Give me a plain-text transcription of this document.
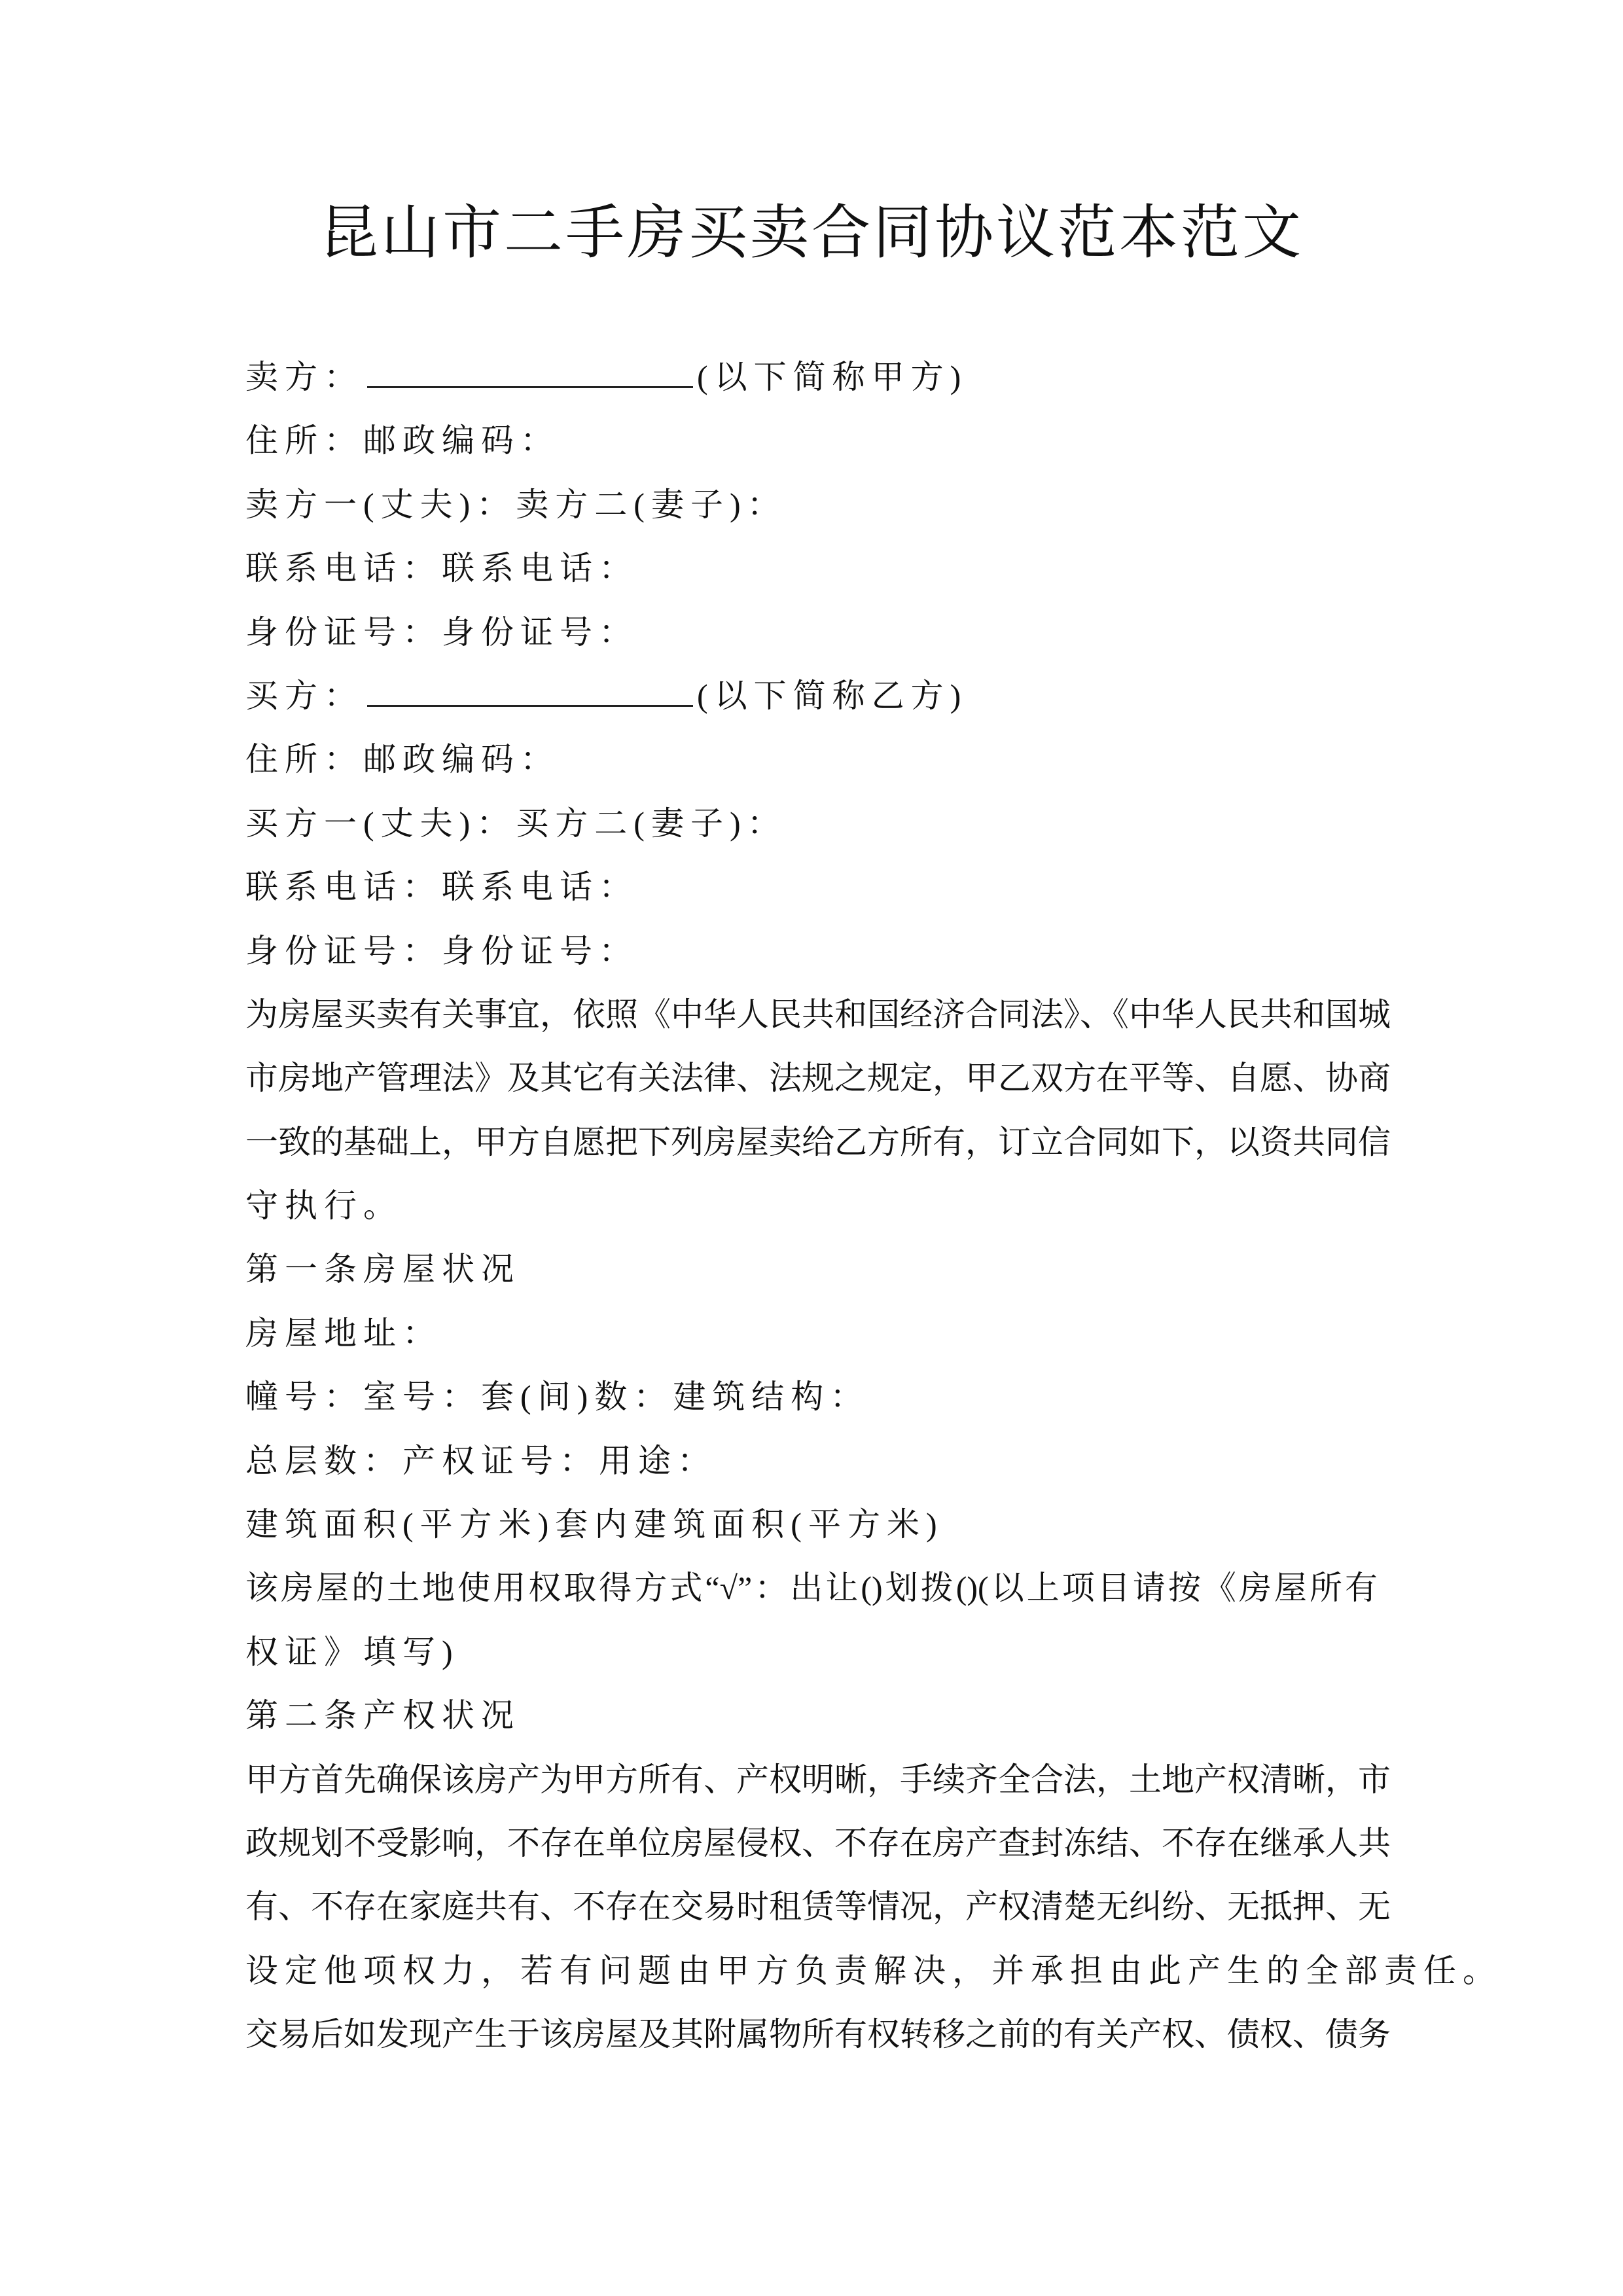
昆山市二手房买卖合同协议范本范文
卖方：	(以下简称甲方)
住所：邮政编码：
卖方一(丈夫)：卖方二(妻子)：
联系电话：联系电话：
身份证号：身份证号：
买方：	(以下简称乙方)
住所：邮政编码：
买方一(丈夫)：买方二(妻子)：
联系电话：联系电话：
身份证号：身份证号：
为房屋买卖有关事宜，依照《中华人民共和国经济合同法》、《中华人民共和国城
市房地产管理法》及其它有关法律、法规之规定，甲乙双方在平等、自愿、协商
一致的基础上，甲方自愿把下列房屋卖给乙方所有，订立合同如下，以资共同信
守执行。
第一条房屋状况
房屋地址：
幢号：室号：套(间)数：建筑结构：
总层数：产权证号：用途：
建筑面积(平方米)套内建筑面积(平方米)
该房屋的土地使用权取得方式“√”：出让()划拨()(以上项目请按《房屋所有
权证》填写)
第二条产权状况
甲方首先确保该房产为甲方所有、产权明晰，手续齐全合法，土地产权清晰，市
政规划不受影响，不存在单位房屋侵权、不存在房产查封冻结、不存在继承人共
有、不存在家庭共有、不存在交易时租赁等情况，产权清楚无纠纷、无抵押、无
设定他项权力，若有问题由甲方负责解决，并承担由此产生的全部责任。
交易后如发现产生于该房屋及其附属物所有权转移之前的有关产权、债权、债务
